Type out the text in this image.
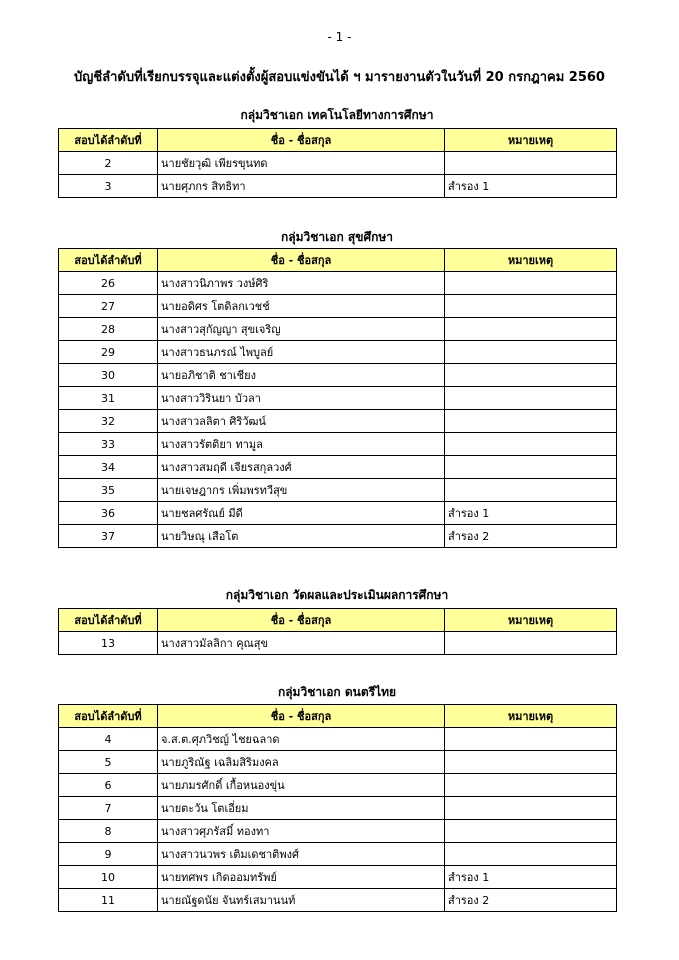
- 1 -
บัญชีลำดับที่เรียกบรรจุและแต่งตั้งผู้สอบแข่งขันได้ ฯ มารายงานตัวในวันที่ 20 กรกฎาคม 2560
กลุ่มวิชาเอก เทคโนโลยีทางการศึกษา
สอบได้ลำดับที่	ชื่อ - ชื่อสกุล	หมายเหตุ
2	นายชัยวุฒิ เพียรขุนทด	
3	นายศุภกร สิทธิทา	สำรอง 1
กลุ่มวิชาเอก สุขศึกษา
สอบได้ลำดับที่	ชื่อ - ชื่อสกุล	หมายเหตุ
26	นางสาวนิภาพร วงษ์ศิริ	
27	นายอดิศร โตดิลกเวชช์	
28	นางสาวสุกัญญา สุขเจริญ	
29	นางสาวธนภรณ์ ไพบูลย์	
30	นายอภิชาติ ชาเชียง	
31	นางสาววิรินยา บัวลา	
32	นางสาวลลิตา ศิริวัฒน์	
33	นางสาวรัตติยา ทามูล	
34	นางสาวสมฤดี เจียรสกุลวงศ์	
35	นายเจษฎากร เพิ่มพรทวีสุข	
36	นายชลศรัณย์ มีดี	สำรอง 1
37	นายวิษณุ เสือโต	สำรอง 2
กลุ่มวิชาเอก วัดผลและประเมินผลการศึกษา
สอบได้ลำดับที่	ชื่อ - ชื่อสกุล	หมายเหตุ
13	นางสาวมัลลิกา คุณสุข	
กลุ่มวิชาเอก ดนตรีไทย
สอบได้ลำดับที่	ชื่อ - ชื่อสกุล	หมายเหตุ
4	จ.ส.ต.ศุภวิชญ์ ไชยฉลาด	
5	นายภูริณัฐ เฉลิมสิริมงคล	
6	นายภมรศักดิ์ เกื้อหนองขุ่น	
7	นายตะวัน โตเอี่ยม	
8	นางสาวศุภรัสมิ์ ทองทา	
9	นางสาวนวพร เติมเดชาติพงศ์	
10	นายทศพร เกิดออมทรัพย์	สำรอง 1
11	นายณัฐดนัย จันทร์เสมานนท์	สำรอง 2
